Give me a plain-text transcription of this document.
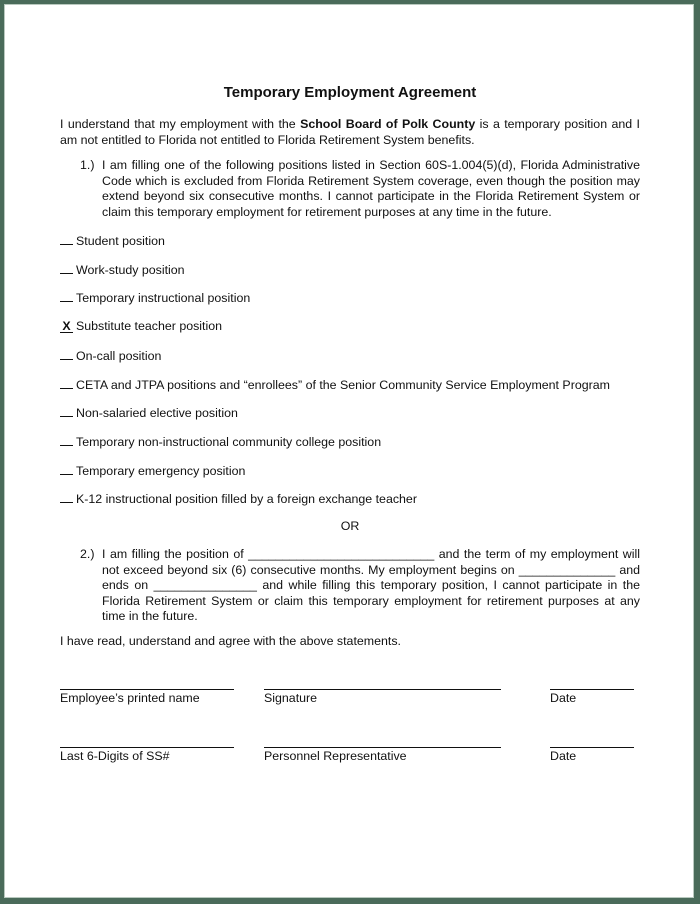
Temporary Employment Agreement
I understand that my employment with the School Board of Polk County is a temporary position and I am not entitled to Florida not entitled to Florida Retirement System benefits.
1.) I am filling one of the following positions listed in Section 60S-1.004(5)(d), Florida Administrative Code which is excluded from Florida Retirement System coverage, even though the position may extend beyond six consecutive months. I cannot participate in the Florida Retirement System or claim this temporary employment for retirement purposes at any time in the future.
Student position
Work-study position
Temporary instructional position
X Substitute teacher position
On-call position
CETA and JTPA positions and “enrollees” of the Senior Community Service Employment Program
Non-salaried elective position
Temporary non-instructional community college position
Temporary emergency position
K-12 instructional position filled by a foreign exchange teacher
OR
2.) I am filling the position of ___________________________ and the term of my employment will not exceed beyond six (6) consecutive months. My employment begins on ______________ and ends on _______________ and while filling this temporary position, I cannot participate in the Florida Retirement System or claim this temporary employment for retirement purposes at any time in the future.
I have read, understand and agree with the above statements.
Employee’s printed name	Signature	Date
Last 6-Digits of SS#	Personnel Representative	Date
